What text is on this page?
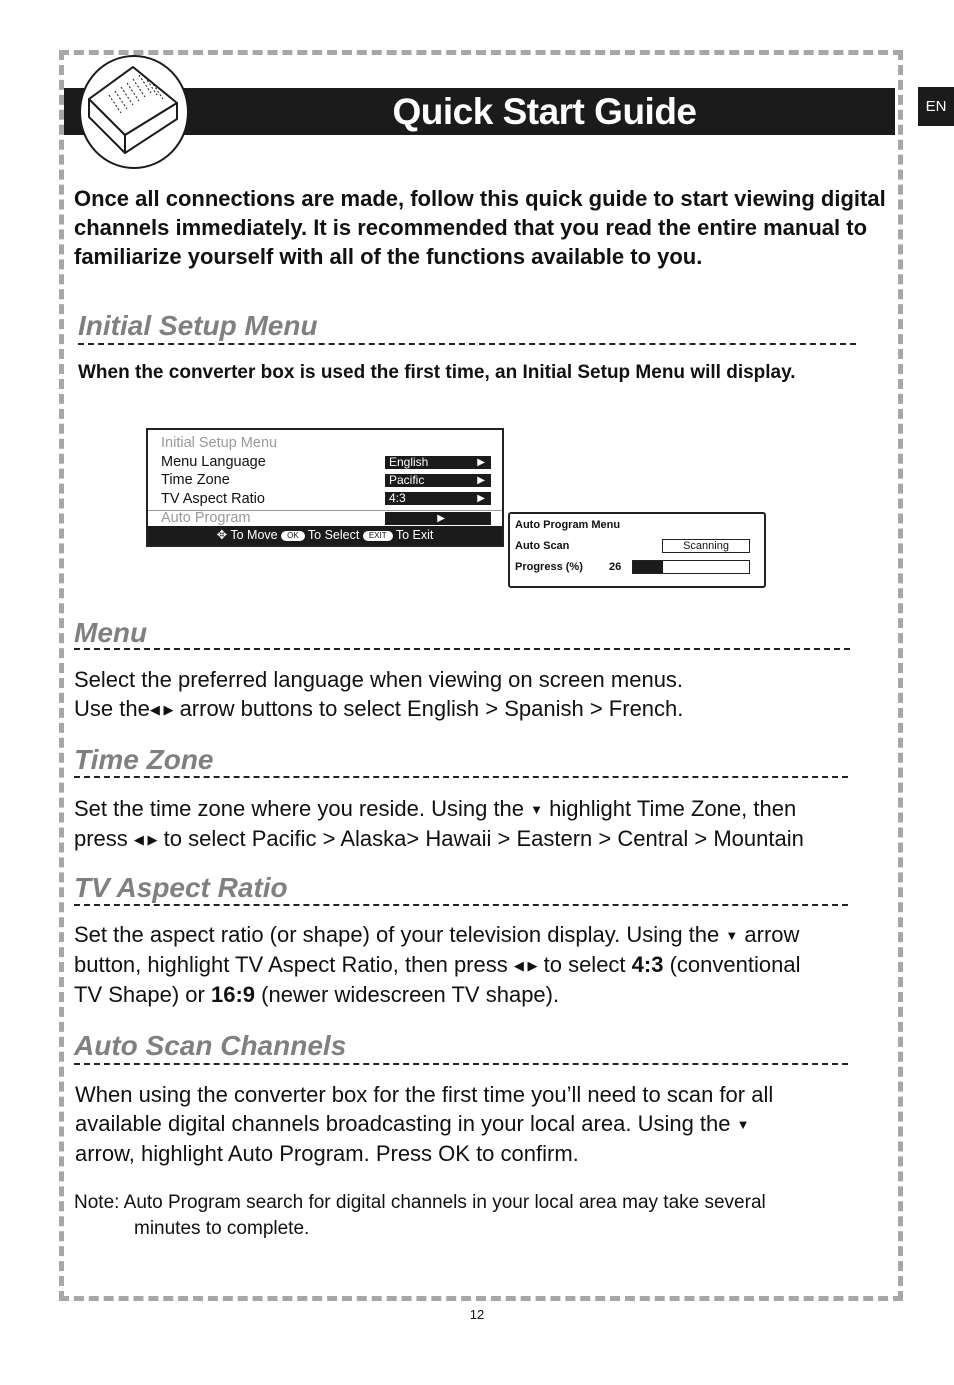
EN
Quick Start Guide
Once all connections are made, follow this quick guide to start viewing digital channels immediately. It is recommended that you read the entire manual to familiarize yourself with all of the functions available to you.
Initial Setup Menu
When the converter box is used the first time, an Initial Setup Menu will display.
Initial Setup Menu
Menu Language	English	▶
Time Zone	Pacific	▶
TV Aspect Ratio	4:3	▶
Auto Program	▶
✥ To Move OK To Select EXIT To Exit
Auto Program Menu
Auto Scan	Scanning
Progress (%) 26
Menu
Select the preferred language when viewing on screen menus.
Use the◀ ▶ arrow buttons to select English > Spanish > French.
Time Zone
Set the time zone where you reside. Using the ▼ highlight Time Zone, then
press ◀ ▶ to select Pacific > Alaska> Hawaii > Eastern > Central > Mountain
TV Aspect Ratio
Set the aspect ratio (or shape) of your television display. Using the ▼ arrow
button, highlight TV Aspect Ratio, then press ◀ ▶ to select 4:3 (conventional
TV Shape) or 16:9 (newer widescreen TV shape).
Auto Scan Channels
When using the converter box for the first time you’ll need to scan for all
available digital channels broadcasting in your local area. Using the ▼
arrow, highlight Auto Program. Press OK to confirm.
Note: Auto Program search for digital channels in your local area may take several
minutes to complete.
12
